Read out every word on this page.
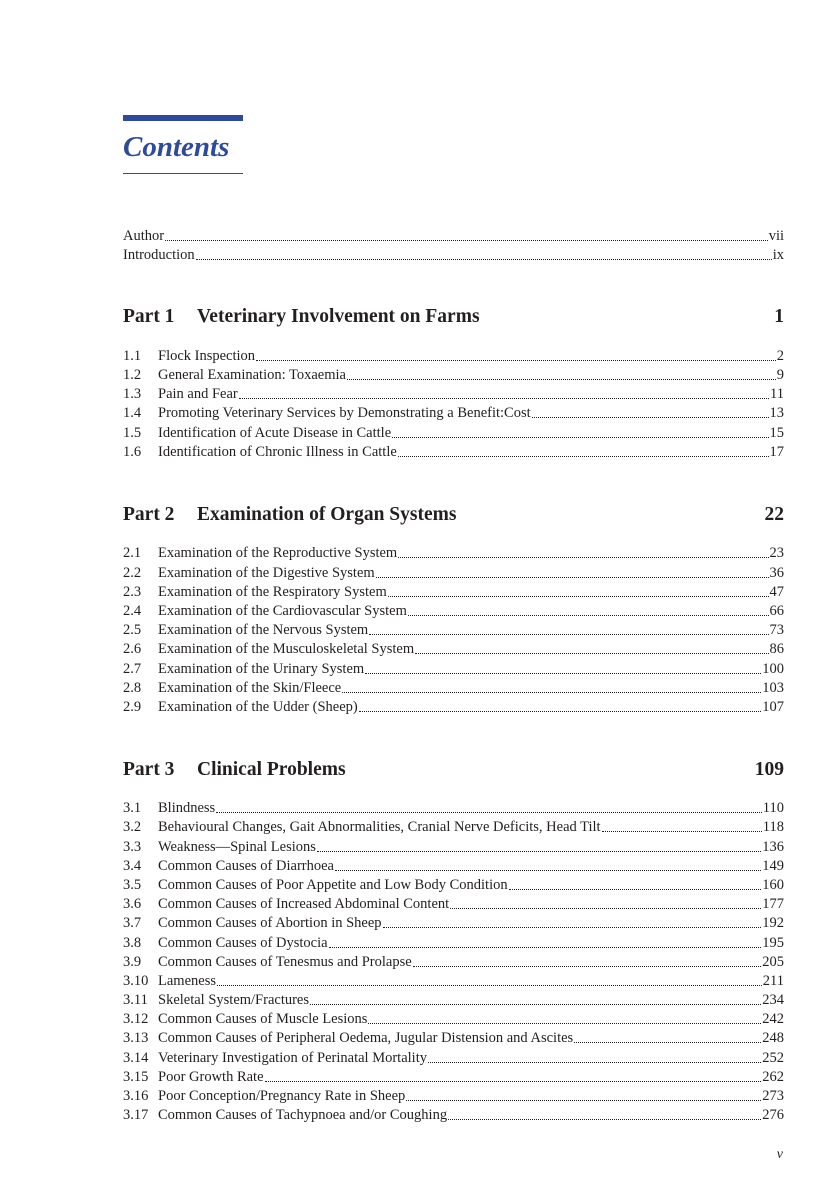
Contents
Author	vii
Introduction	ix
Part 1	Veterinary Involvement on Farms	1
1.1	Flock Inspection	2
1.2	General Examination: Toxaemia	9
1.3	Pain and Fear	11
1.4	Promoting Veterinary Services by Demonstrating a Benefit:Cost	13
1.5	Identification of Acute Disease in Cattle	15
1.6	Identification of Chronic Illness in Cattle	17
Part 2	Examination of Organ Systems	22
2.1	Examination of the Reproductive System	23
2.2	Examination of the Digestive System	36
2.3	Examination of the Respiratory System	47
2.4	Examination of the Cardiovascular System	66
2.5	Examination of the Nervous System	73
2.6	Examination of the Musculoskeletal System	86
2.7	Examination of the Urinary System	100
2.8	Examination of the Skin/Fleece	103
2.9	Examination of the Udder (Sheep)	107
Part 3	Clinical Problems	109
3.1	Blindness	110
3.2	Behavioural Changes, Gait Abnormalities, Cranial Nerve Deficits, Head Tilt	118
3.3	Weakness—Spinal Lesions	136
3.4	Common Causes of Diarrhoea	149
3.5	Common Causes of Poor Appetite and Low Body Condition	160
3.6	Common Causes of Increased Abdominal Content	177
3.7	Common Causes of Abortion in Sheep	192
3.8	Common Causes of Dystocia	195
3.9	Common Causes of Tenesmus and Prolapse	205
3.10 Lameness	211
3.11 Skeletal System/Fractures	234
3.12 Common Causes of Muscle Lesions	242
3.13 Common Causes of Peripheral Oedema, Jugular Distension and Ascites	248
3.14 Veterinary Investigation of Perinatal Mortality	252
3.15 Poor Growth Rate	262
3.16 Poor Conception/Pregnancy Rate in Sheep	273
3.17 Common Causes of Tachypnoea and/or Coughing	276
v
